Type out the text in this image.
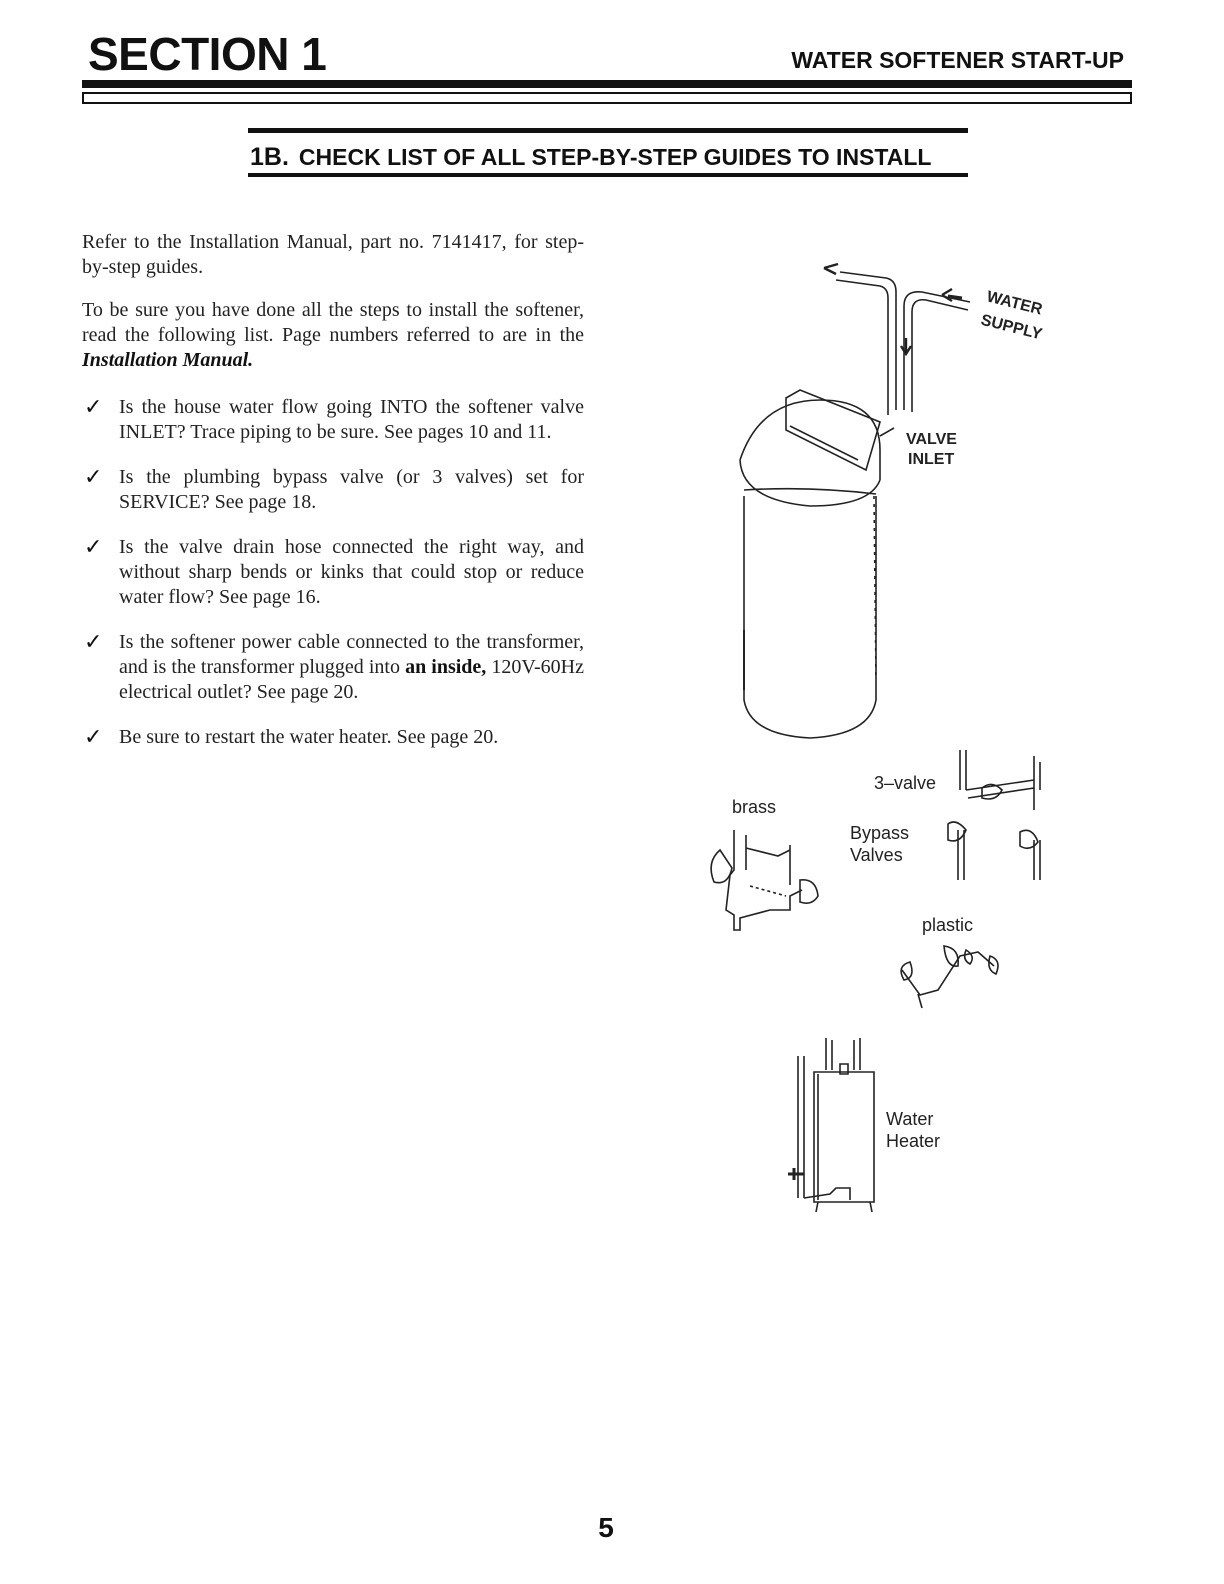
SECTION 1	WATER SOFTENER START-UP
1B. CHECK LIST OF ALL STEP-BY-STEP GUIDES TO INSTALL

Refer to the Installation Manual, part no. 7141417, for step-by-step guides.

To be sure you have done all the steps to install the softener, read the following list. Page numbers referred to are in the Installation Manual.

✓ Is the house water flow going INTO the softener valve INLET? Trace piping to be sure. See pages 10 and 11.
✓ Is the plumbing bypass valve (or 3 valves) set for SERVICE? See page 18.
✓ Is the valve drain hose connected the right way, and without sharp bends or kinks that could stop or reduce water flow? See page 16.
✓ Is the softener power cable connected to the transformer, and is the transformer plugged into an inside, 120V-60Hz electrical outlet? See page 20.
✓ Be sure to restart the water heater. See page 20.
WATER
SUPPLY
VALVE
INLET
3–valve
brass
Bypass
Valves
plastic
Water
Heater
5
